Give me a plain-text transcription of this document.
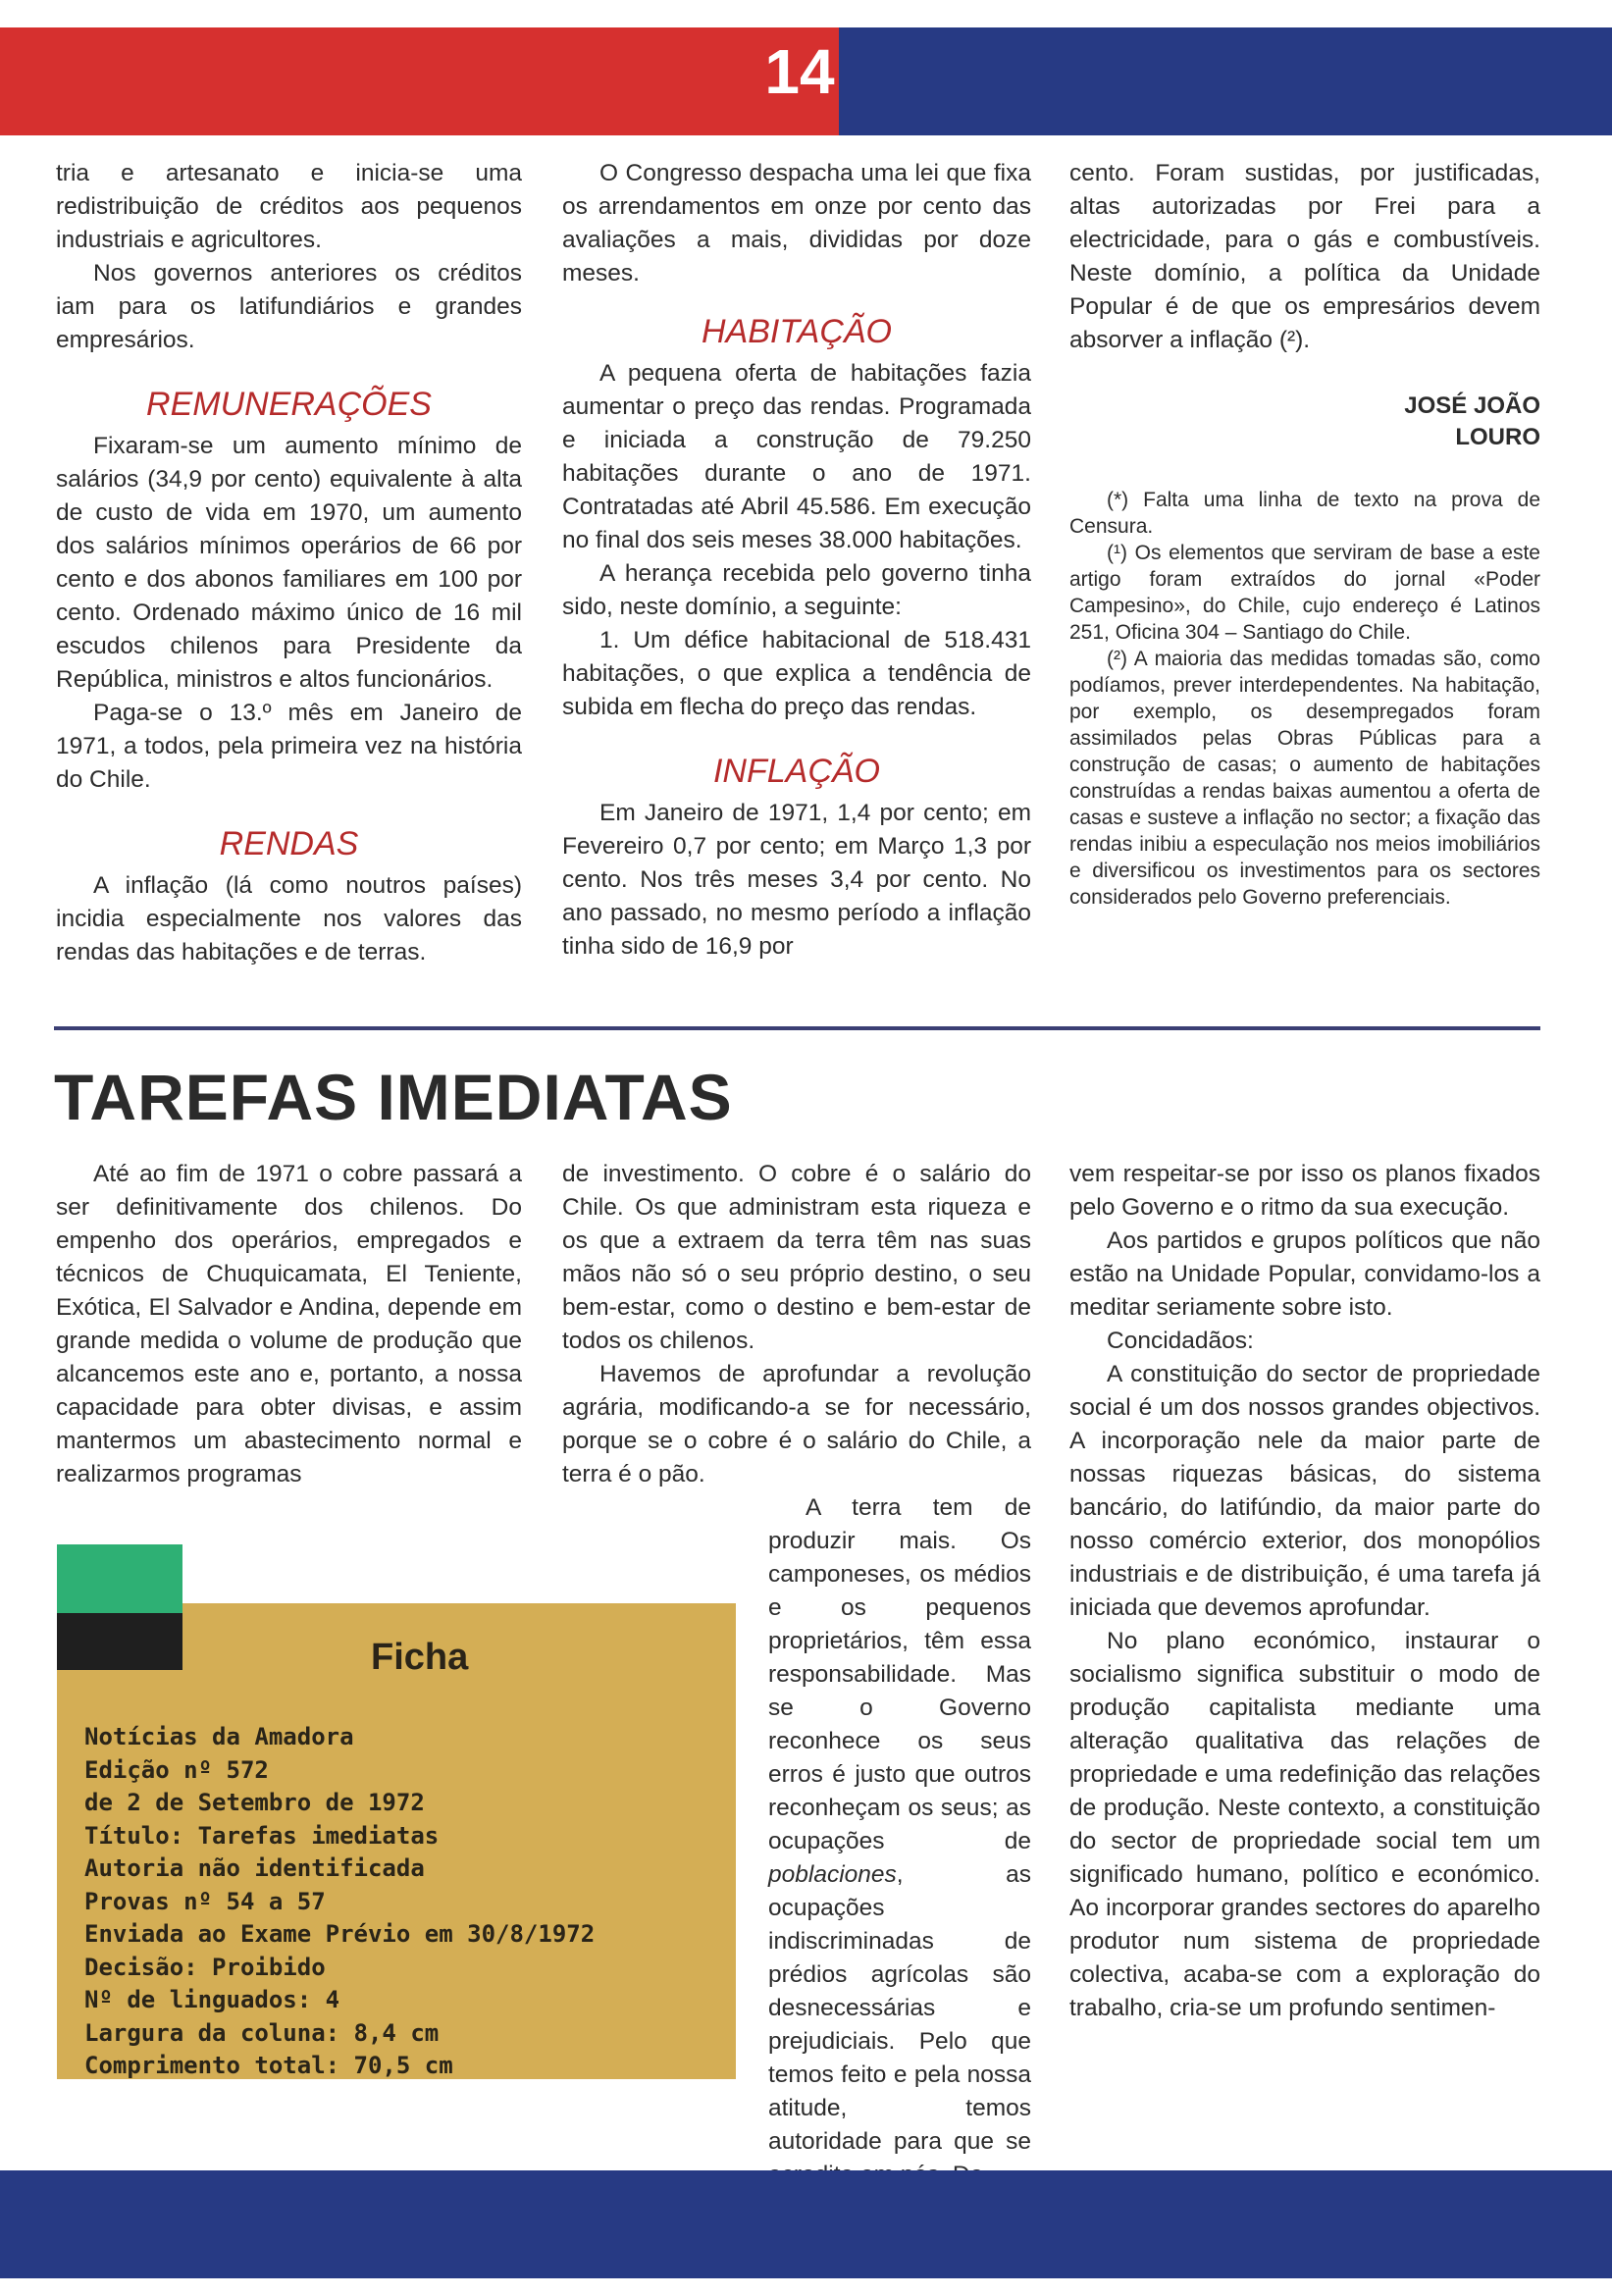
14

tria e artesanato e inicia-se uma redistribuição de créditos aos pequenos industriais e agricultores.

Nos governos anteriores os créditos iam para os latifundiários e grandes empresários.

REMUNERAÇÕES

Fixaram-se um aumento mínimo de salários (34,9 por cento) equivalente à alta de custo de vida em 1970, um aumento dos salários mínimos operários de 66 por cento e dos abonos familiares em 100 por cento. Ordenado máximo único de 16 mil escudos chilenos para Presidente da República, ministros e altos funcionários.

Paga-se o 13.º mês em Janeiro de 1971, a todos, pela primeira vez na história do Chile.

RENDAS

A inflação (lá como noutros países) incidia especialmente nos valores das rendas das habitações e de terras.

O Congresso despacha uma lei que fixa os arrendamentos em onze por cento das avaliações a mais, divididas por doze meses.

HABITAÇÃO

A pequena oferta de habitações fazia aumentar o preço das rendas. Programada e iniciada a construção de 79.250 habitações durante o ano de 1971. Contratadas até Abril 45.586. Em execução no final dos seis meses 38.000 habitações.

A herança recebida pelo governo tinha sido, neste domínio, a seguinte:

1. Um défice habitacional de 518.431 habitações, o que explica a tendência de subida em flecha do preço das rendas.

INFLAÇÃO

Em Janeiro de 1971, 1,4 por cento; em Fevereiro 0,7 por cento; em Março 1,3 por cento. Nos três meses 3,4 por cento. No ano passado, no mesmo período a inflação tinha sido de 16,9 por

cento. Foram sustidas, por justificadas, altas autorizadas por Frei para a electricidade, para o gás e combustíveis. Neste domínio, a política da Unidade Popular é de que os empresários devem absorver a inflação (²).

JOSÉ JOÃO
LOURO

(*) Falta uma linha de texto na prova de Censura.

(¹) Os elementos que serviram de base a este artigo foram extraídos do jornal «Poder Campesino», do Chile, cujo endereço é Latinos 251, Oficina 304 – Santiago do Chile.

(²) A maioria das medidas tomadas são, como podíamos, prever interdependentes. Na habitação, por exemplo, os desempregados foram assimilados pelas Obras Públicas para a construção de casas; o aumento de habitações construídas a rendas baixas aumentou a oferta de casas e susteve a inflação no sector; a fixação das rendas inibiu a especulação nos meios imobiliários e diversificou os investimentos para os sectores considerados pelo Governo preferenciais.

TAREFAS IMEDIATAS

Até ao fim de 1971 o cobre passará a ser definitivamente dos chilenos. Do empenho dos operários, empregados e técnicos de Chuquicamata, El Teniente, Exótica, El Salvador e Andina, depende em grande medida o volume de produção que alcancemos este ano e, portanto, a nossa capacidade para obter divisas, e assim mantermos um abastecimento normal e realizarmos programas

de investimento. O cobre é o salário do Chile. Os que administram esta riqueza e os que a extraem da terra têm nas suas mãos não só o seu próprio destino, o seu bem-estar, como o destino e bem-estar de todos os chilenos.

Havemos de aprofundar a revolução agrária, modificando-a se for necessário, porque se o cobre é o salário do Chile, a terra é o pão.

A terra tem de produzir mais. Os camponeses, os médios e os pequenos proprietários, têm essa responsabilidade. Mas se o Governo reconhece os seus erros é justo que outros reconheçam os seus; as ocupações de poblaciones, as ocupações indiscriminadas de prédios agrícolas são desnecessárias e prejudiciais. Pelo que temos feito e pela nossa atitude, temos autoridade para que se

vem respeitar-se por isso os planos fixados pelo Governo e o ritmo da sua execução.

Aos partidos e grupos políticos que não estão na Unidade Popular, convidamo-los a meditar seriamente sobre isto.

Concidadãos:

A constituição do sector de propriedade social é um dos nossos grandes objectivos. A incorporação nele da maior parte de nossas riquezas básicas, do sistema bancário, do latifúndio, da maior parte do nosso comércio exterior, dos monopólios industriais e de distribuição, é uma tarefa já iniciada que devemos aprofundar.

No plano económico, instaurar o socialismo significa substituir o modo de produção capitalista mediante uma alteração qualitativa das relações de propriedade e uma redefinição das relações de produção. Neste contexto, a constituição do sector de propriedade social tem um significado humano, político e económico. Ao incorporar grandes sectores do aparelho produtor num sistema de propriedade colectiva, acaba-se com a exploração do trabalho, cria-se um profundo sentimen-

Ficha
Notícias da Amadora
Edição nº 572
de 2 de Setembro de 1972
Título: Tarefas imediatas
Autoria não identificada
Provas nº 54 a 57
Enviada ao Exame Prévio em 30/8/1972
Decisão: Proibido
Nº de linguados: 4
Largura da coluna: 8,4 cm
Comprimento total: 70,5 cm
